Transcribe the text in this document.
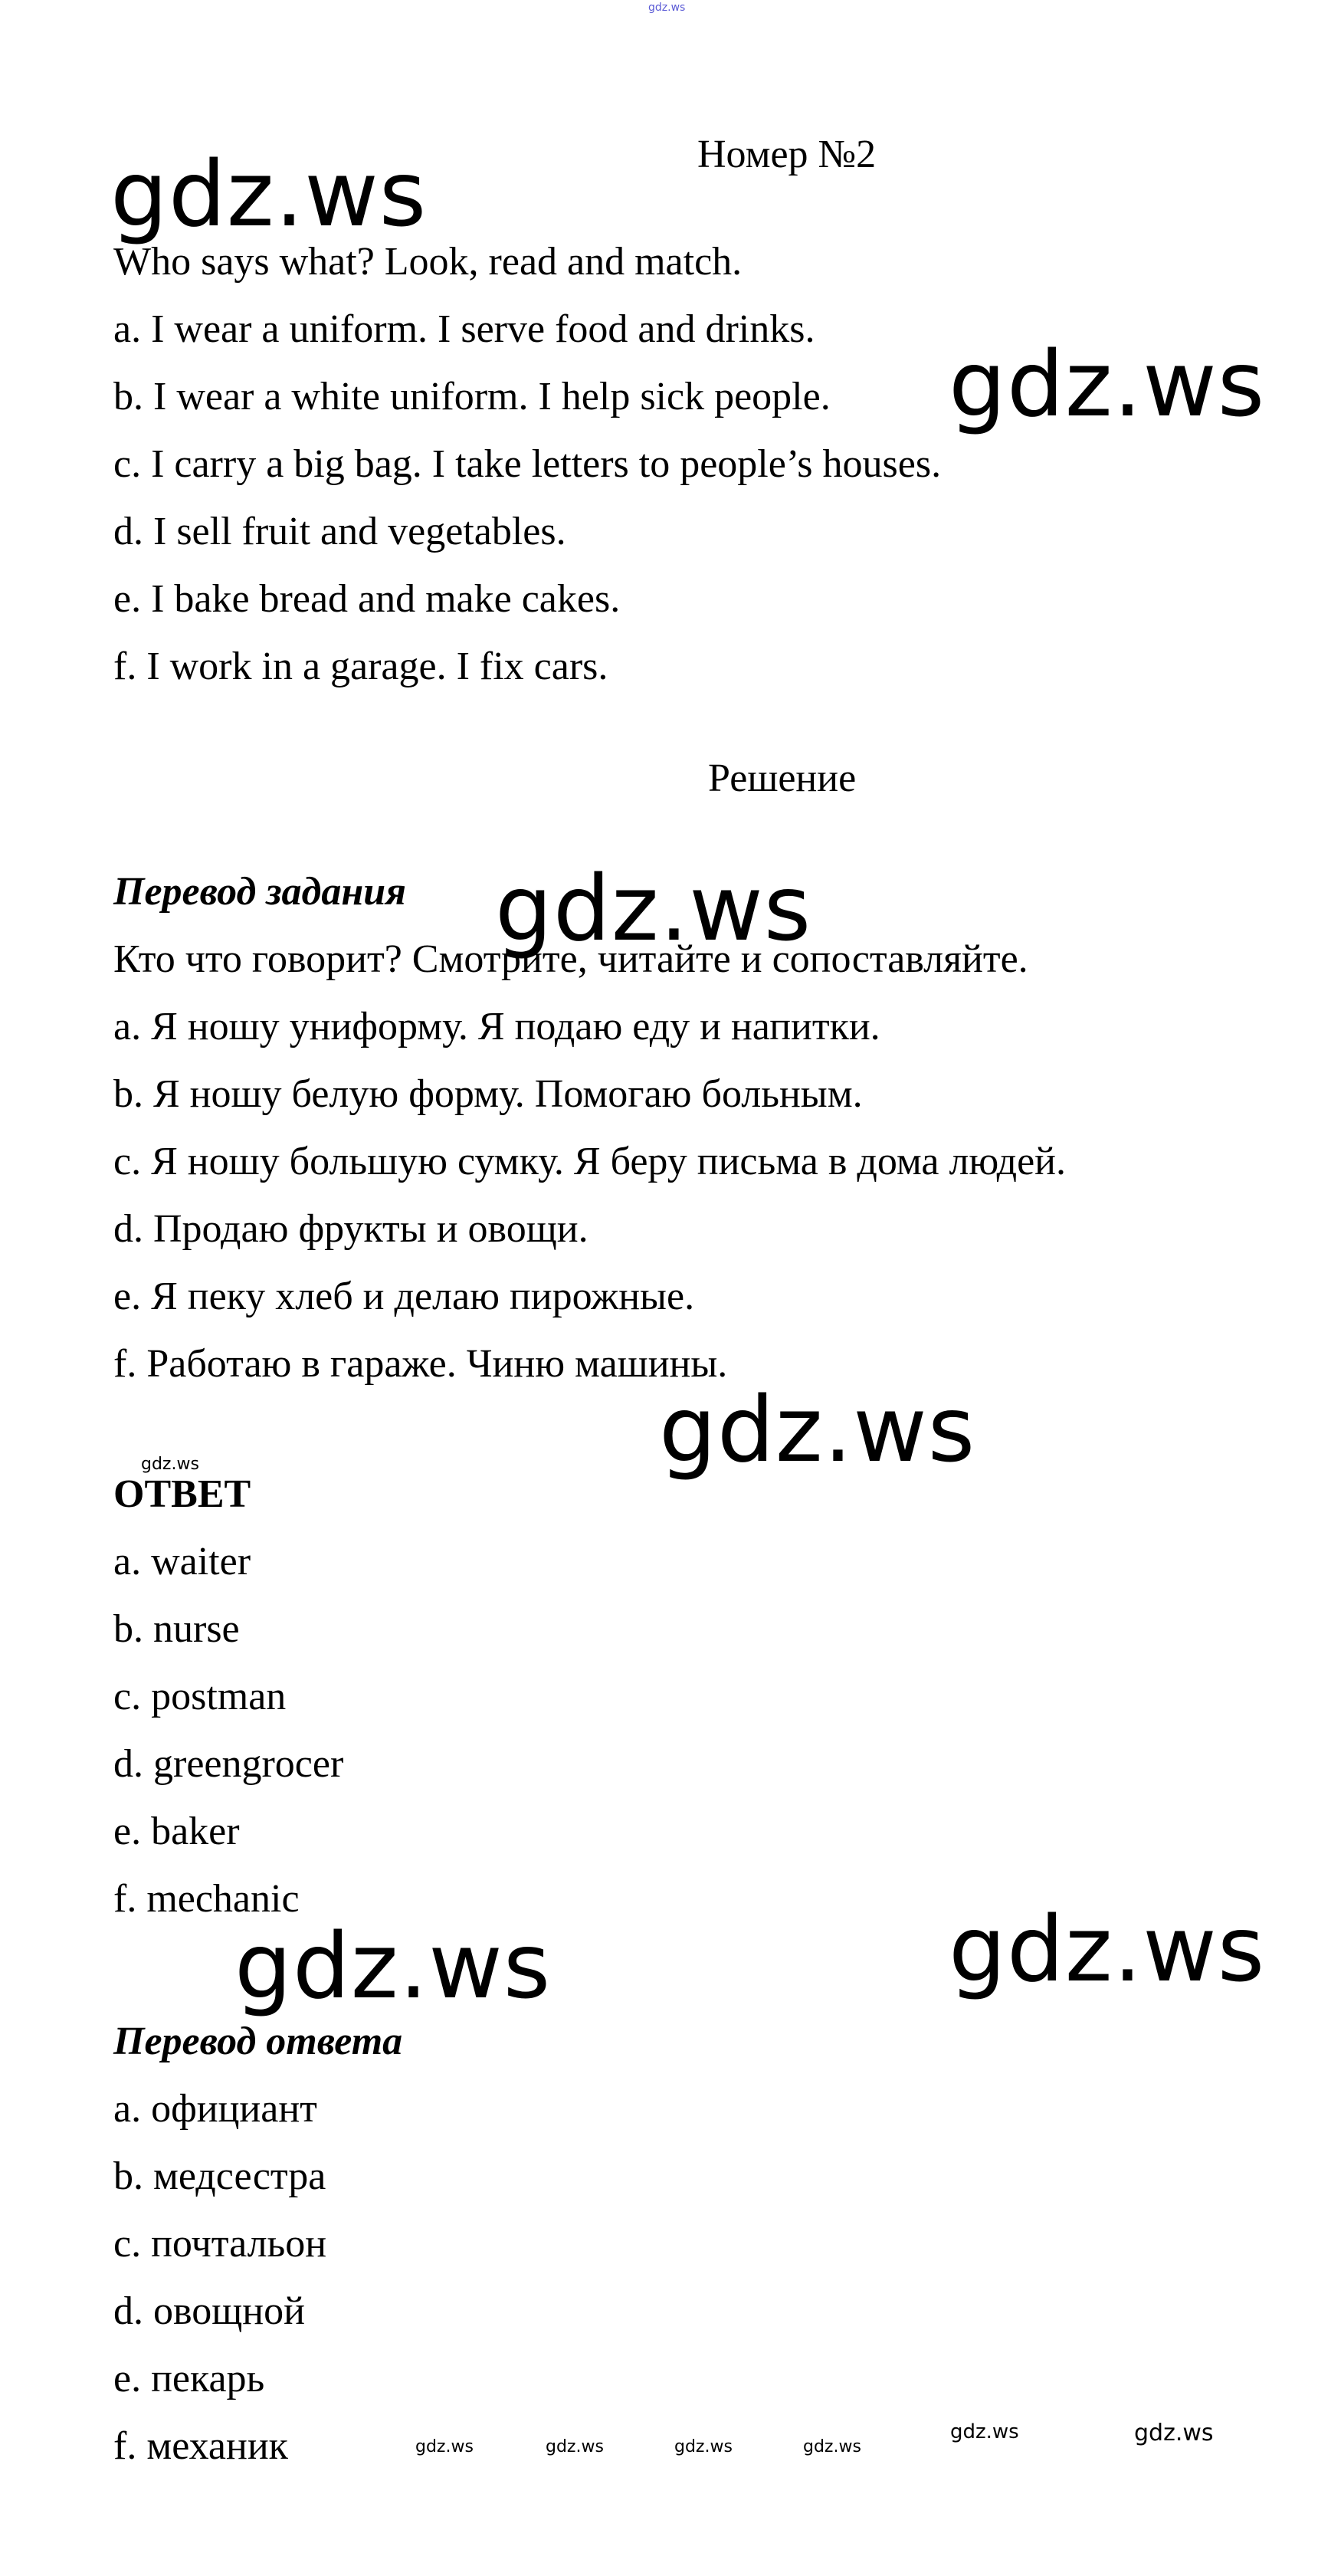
gdz.ws
Номер №2
gdz.ws
gdz.ws
gdz.ws
gdz.ws
gdz.ws	gdz.ws
Who says what? Look, read and match.
a. I wear a uniform. I serve food and drinks.
b. I wear a white uniform. I help sick people.
c. I carry a big bag. I take letters to people’s houses.
d. I sell fruit and vegetables.
e. I bake bread and make cakes.
f. I work in a garage. I fix cars.
Решение
Перевод задания
Кто что говорит? Смотрите, читайте и сопоставляйте.
a. Я ношу униформу. Я подаю еду и напитки.
b. Я ношу белую форму. Помогаю больным.
c. Я ношу большую сумку. Я беру письма в дома людей.
d. Продаю фрукты и овощи.
e. Я пеку хлеб и делаю пирожные.
f. Работаю в гараже. Чиню машины.
gdz.ws
ОТВЕТ
a. waiter
b. nurse
c. postman
d. greengrocer
e. baker
f. mechanic
Перевод ответа
a. официант
b. медсестра
c. почтальон
d. овощной
e. пекарь
f. механик	gdz.ws	gdz.ws	gdz.ws	gdz.ws
gdz.ws	gdz.ws
